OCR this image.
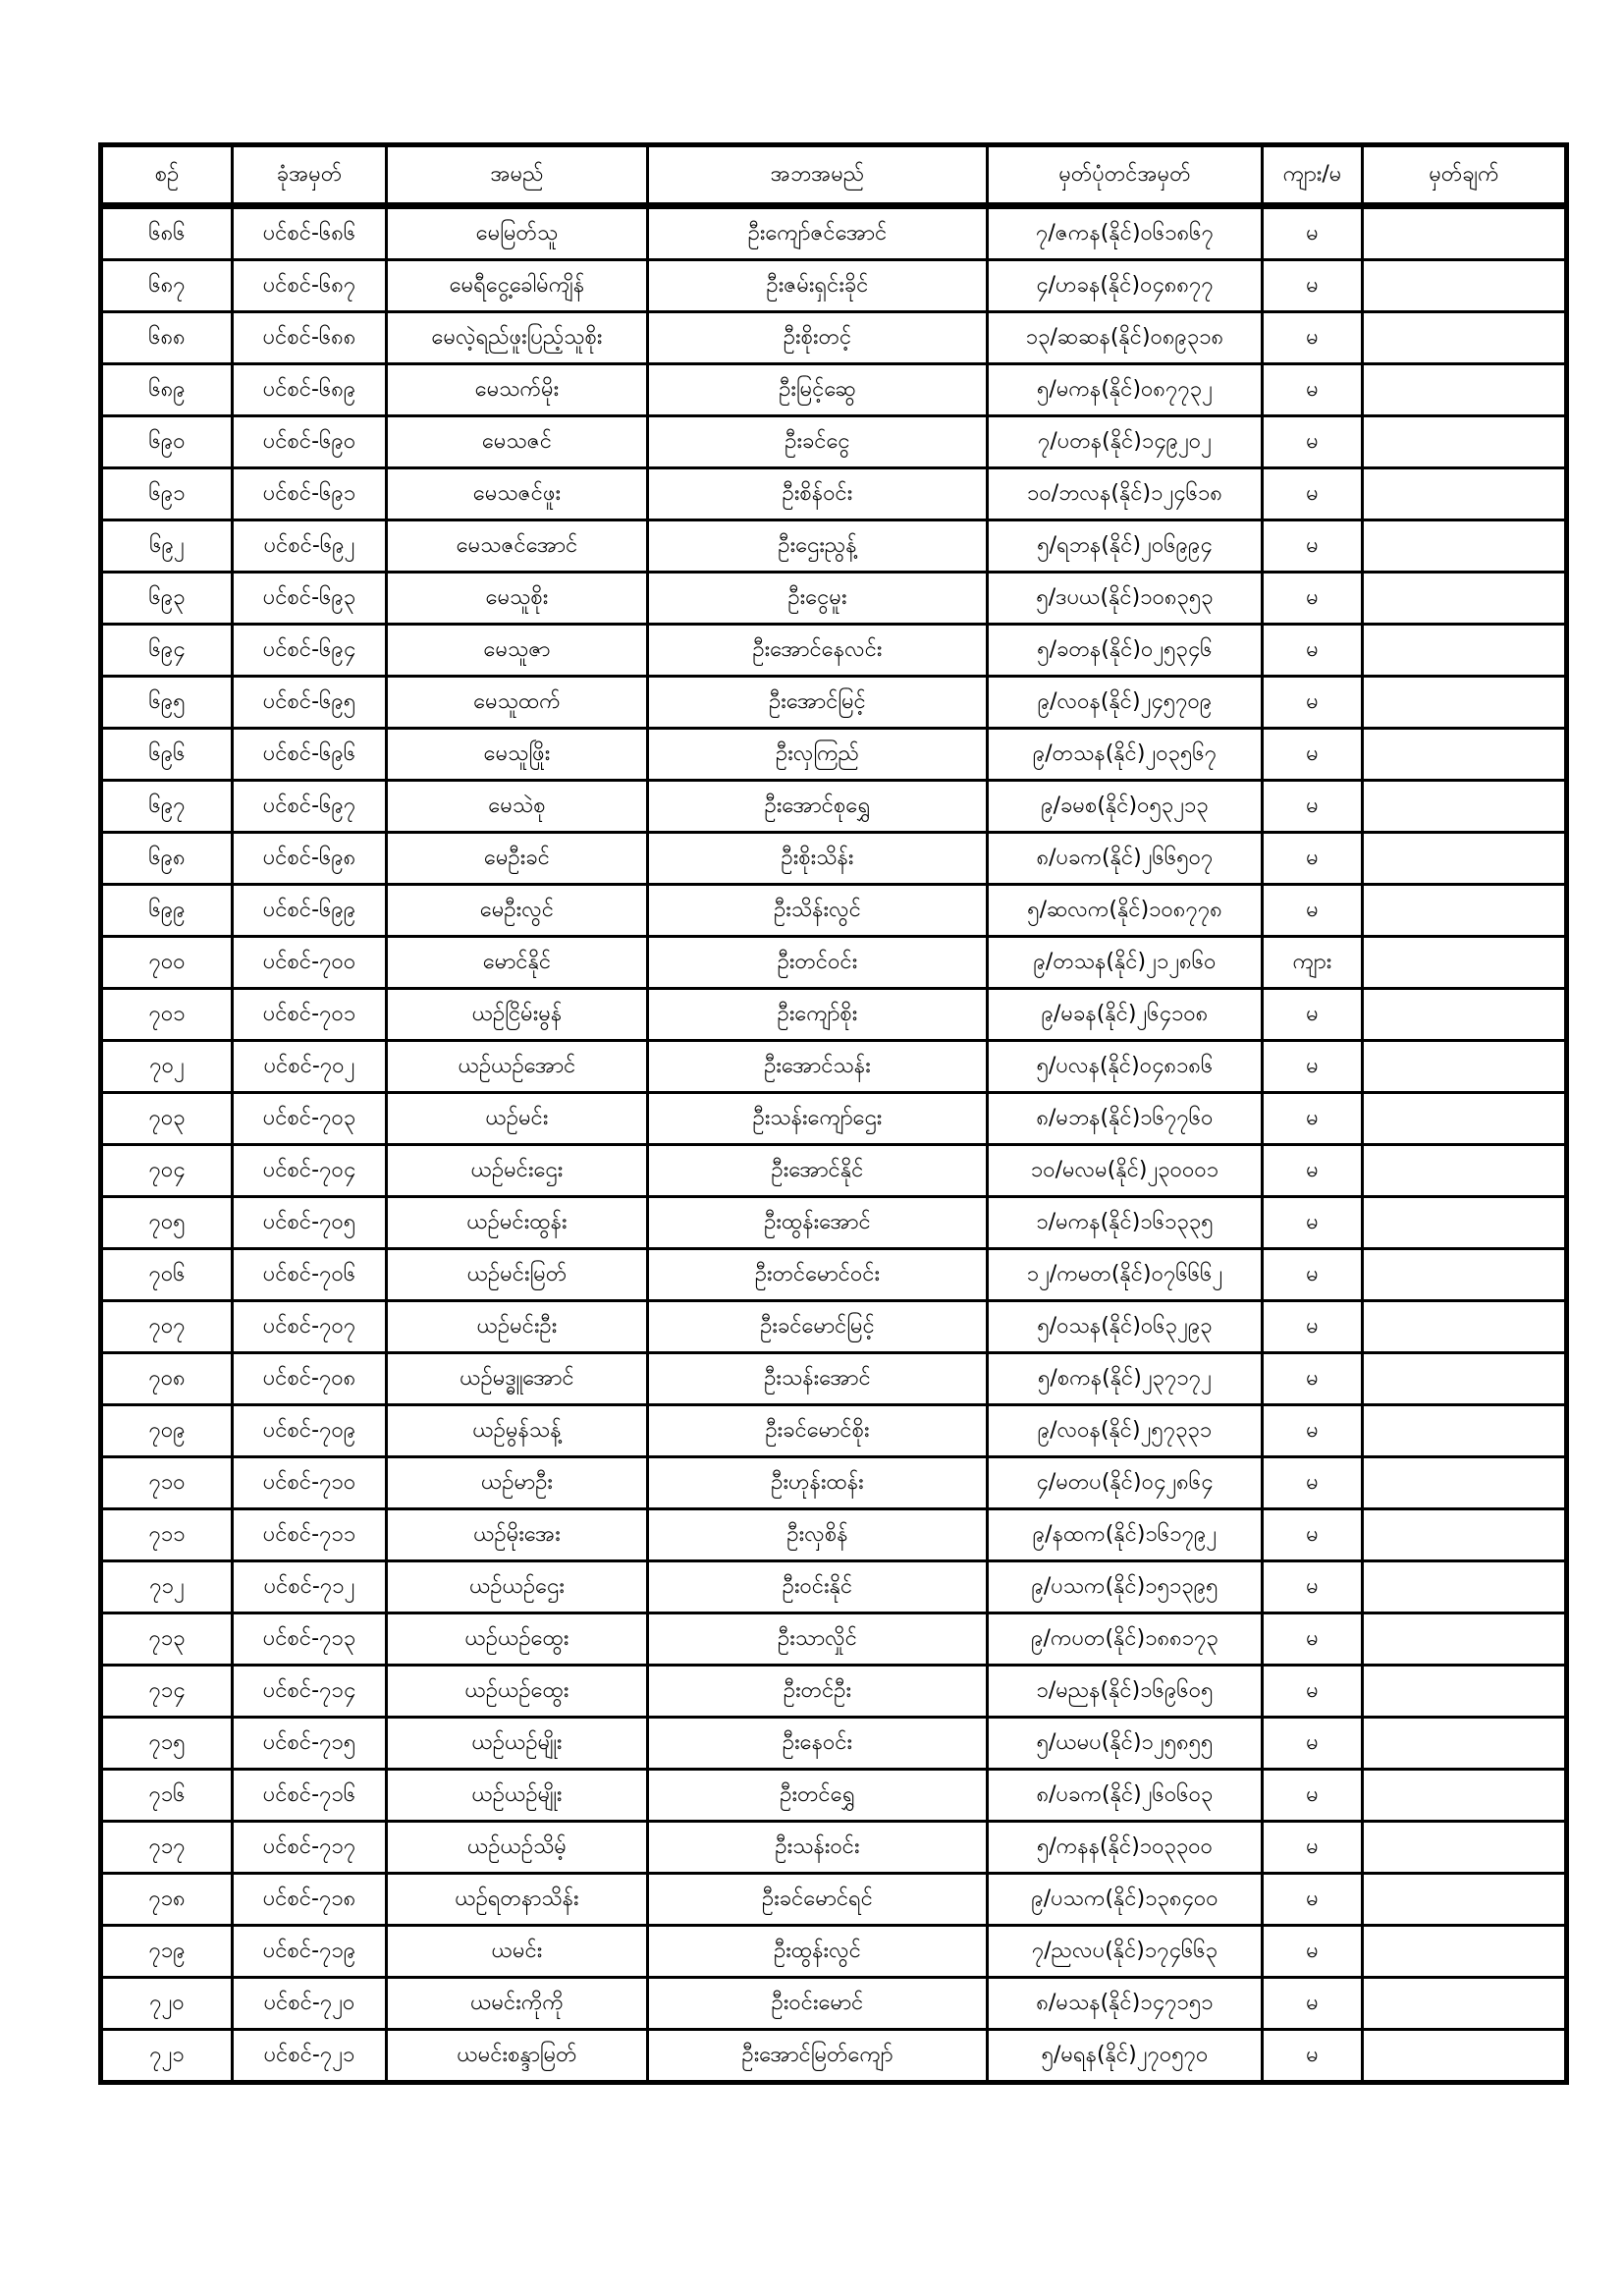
စဉ်	ခုံအမှတ်	အမည်	အဘအမည်	မှတ်ပုံတင်အမှတ်	ကျား/မ	မှတ်ချက်
၆၈၆	ပင်စင်-၆၈၆	မေမြတ်သူ	ဦးကျော်ဇင်အောင်	၇/ဇကန(နိုင်)၀၆၁၈၆၇	မ	
၆၈၇	ပင်စင်-၆၈၇	မေရီငွေ့ခေါမ်ကျိန်	ဦးဇမ်းရှင်းခိုင်	၄/ဟခန(နိုင်)၀၄၈၈၇၇	မ	
၆၈၈	ပင်စင်-၆၈၈	မေလဲ့ရည်ဖူးပြည့်သူစိုး	ဦးစိုးတင့်	၁၃/ဆဆန(နိုင်)၀၈၉၃၁၈	မ	
၆၈၉	ပင်စင်-၆၈၉	မေသက်မိုး	ဦးမြင့်ဆွေ	၅/မကန(နိုင်)၀၈၇၇၃၂	မ	
၆၉၀	ပင်စင်-၆၉၀	မေသဇင်	ဦးခင်ငွေ	၇/ပတန(နိုင်)၁၄၉၂၀၂	မ	
၆၉၁	ပင်စင်-၆၉၁	မေသဇင်ဖူး	ဦးစိန်ဝင်း	၁၀/ဘလန(နိုင်)၁၂၄၆၁၈	မ	
၆၉၂	ပင်စင်-၆၉၂	မေသဇင်အောင်	ဦးဌေးညွန့်	၅/ရဘန(နိုင်)၂၀၆၉၉၄	မ	
၆၉၃	ပင်စင်-၆၉၃	မေသူစိုး	ဦးငွေမူး	၅/ဒပယ(နိုင်)၁၀၈၃၅၃	မ	
၆၉၄	ပင်စင်-၆၉၄	မေသူဇာ	ဦးအောင်နေလင်း	၅/ခတန(နိုင်)၀၂၅၃၄၆	မ	
၆၉၅	ပင်စင်-၆၉၅	မေသူထက်	ဦးအောင်မြင့်	၉/လဝန(နိုင်)၂၄၅၇၀၉	မ	
၆၉၆	ပင်စင်-၆၉၆	မေသူဖြိုး	ဦးလှကြည်	၉/တသန(နိုင်)၂၀၃၅၆၇	မ	
၆၉၇	ပင်စင်-၆၉၇	မေသဲစု	ဦးအောင်စုရွှေ	၉/ခမစ(နိုင်)၀၅၃၂၁၃	မ	
၆၉၈	ပင်စင်-၆၉၈	မေဦးခင်	ဦးစိုးသိန်း	၈/ပခက(နိုင်)၂၆၆၅၀၇	မ	
၆၉၉	ပင်စင်-၆၉၉	မေဦးလွင်	ဦးသိန်းလွင်	၅/ဆလက(နိုင်)၁၀၈၇၇၈	မ	
၇၀၀	ပင်စင်-၇၀၀	မောင်နိုင်	ဦးတင်ဝင်း	၉/တသန(နိုင်)၂၁၂၈၆၀	ကျား	
၇၀၁	ပင်စင်-၇၀၁	ယဉ်ငြိမ်းမွန်	ဦးကျော်စိုး	၉/မခန(နိုင်)၂၆၄၁၀၈	မ	
၇၀၂	ပင်စင်-၇၀၂	ယဉ်ယဉ်အောင်	ဦးအောင်သန်း	၅/ပလန(နိုင်)၀၄၈၁၈၆	မ	
၇၀၃	ပင်စင်-၇၀၃	ယဉ်မင်း	ဦးသန်းကျော်ဌေး	၈/မဘန(နိုင်)၁၆၇၇၆၀	မ	
၇၀၄	ပင်စင်-၇၀၄	ယဉ်မင်းဌေး	ဦးအောင်နိုင်	၁၀/မလမ(နိုင်)၂၃၀၀၀၁	မ	
၇၀၅	ပင်စင်-၇၀၅	ယဉ်မင်းထွန်း	ဦးထွန်းအောင်	၁/မကန(နိုင်)၁၆၁၃၃၅	မ	
၇၀၆	ပင်စင်-၇၀၆	ယဉ်မင်းမြတ်	ဦးတင်မောင်ဝင်း	၁၂/ကမတ(နိုင်)၀၇၆၆၆၂	မ	
၇၀၇	ပင်စင်-၇၀၇	ယဉ်မင်းဦး	ဦးခင်မောင်မြင့်	၅/ဝသန(နိုင်)၀၆၃၂၉၃	မ	
၇၀၈	ပင်စင်-၇၀၈	ယဉ်မဒ္ဓူအောင်	ဦးသန်းအောင်	၅/စကန(နိုင်)၂၃၇၁၇၂	မ	
၇၀၉	ပင်စင်-၇၀၉	ယဉ်မွန်သန့်	ဦးခင်မောင်စိုး	၉/လဝန(နိုင်)၂၅၇၃၃၁	မ	
၇၁၀	ပင်စင်-၇၁၀	ယဉ်မာဦး	ဦးဟုန်းထန်း	၄/မတပ(နိုင်)၀၄၂၈၆၄	မ	
၇၁၁	ပင်စင်-၇၁၁	ယဉ်မိုးအေး	ဦးလှစိန်	၉/နထက(နိုင်)၁၆၁၇၉၂	မ	
၇၁၂	ပင်စင်-၇၁၂	ယဉ်ယဉ်ဌေး	ဦးဝင်းနိုင်	၉/ပသက(နိုင်)၁၅၁၃၉၅	မ	
၇၁၃	ပင်စင်-၇၁၃	ယဉ်ယဉ်ထွေး	ဦးသာလှိုင်	၉/ကပတ(နိုင်)၁၈၈၁၇၃	မ	
၇၁၄	ပင်စင်-၇၁၄	ယဉ်ယဉ်ထွေး	ဦးတင်ဦး	၁/မညန(နိုင်)၁၆၉၆၀၅	မ	
၇၁၅	ပင်စင်-၇၁၅	ယဉ်ယဉ်မျိုး	ဦးနေဝင်း	၅/ယမပ(နိုင်)၁၂၅၈၅၅	မ	
၇၁၆	ပင်စင်-၇၁၆	ယဉ်ယဉ်မျိုး	ဦးတင်ရွှေ	၈/ပခက(နိုင်)၂၆၀၆၀၃	မ	
၇၁၇	ပင်စင်-၇၁၇	ယဉ်ယဉ်သိမ့်	ဦးသန်းဝင်း	၅/ကနန(နိုင်)၁၀၃၃၀၀	မ	
၇၁၈	ပင်စင်-၇၁၈	ယဉ်ရတနာသိန်း	ဦးခင်မောင်ရင်	၉/ပသက(နိုင်)၁၃၈၄၀၀	မ	
၇၁၉	ပင်စင်-၇၁၉	ယမင်း	ဦးထွန်းလွင်	၇/ညလပ(နိုင်)၁၇၄၆၆၃	မ	
၇၂၀	ပင်စင်-၇၂၀	ယမင်းကိုကို	ဦးဝင်းမောင်	၈/မသန(နိုင်)၁၄၇၁၅၁	မ	
၇၂၁	ပင်စင်-၇၂၁	ယမင်းစန္ဒာမြတ်	ဦးအောင်မြတ်ကျော်	၅/မရန(နိုင်)၂၇၀၅၇၀	မ	
